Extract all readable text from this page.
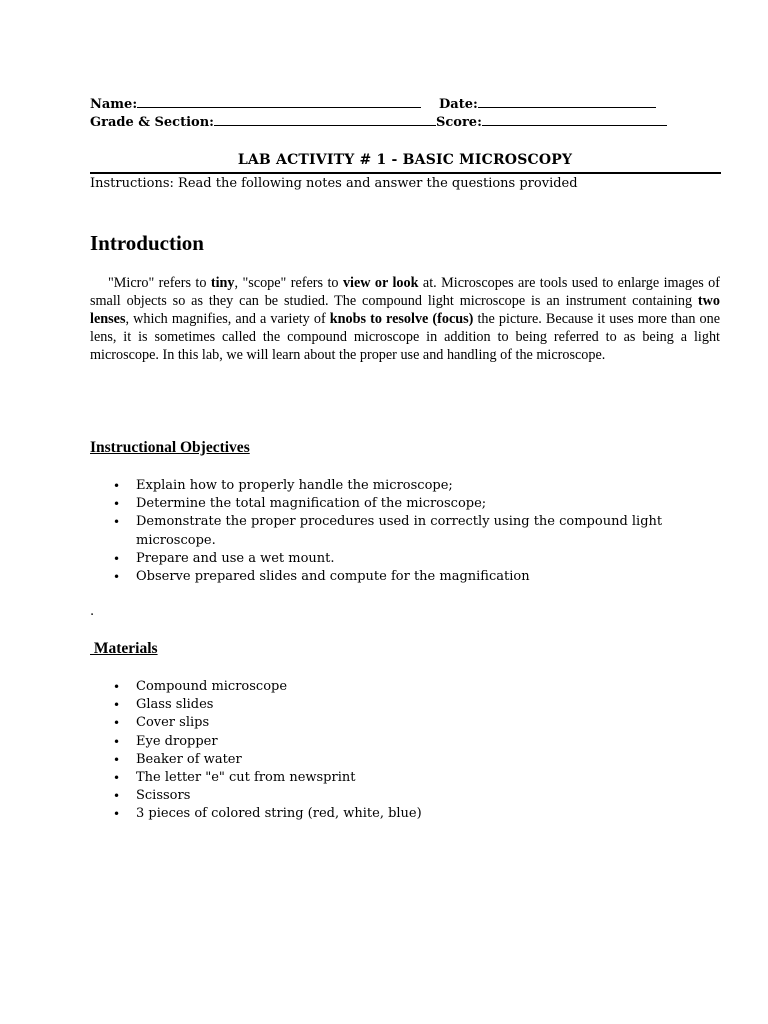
Name:	Date:
Grade & Section:	Score:
LAB ACTIVITY # 1 - BASIC MICROSCOPY
Instructions: Read the following notes and answer the questions provided
Introduction
"Micro" refers to tiny, "scope" refers to view or look at. Microscopes are tools used to enlarge images of small objects so as they can be studied. The compound light microscope is an instrument containing two lenses, which magnifies, and a variety of knobs to resolve (focus) the picture. Because it uses more than one lens, it is sometimes called the compound microscope in addition to being referred to as being a light microscope. In this lab, we will learn about the proper use and handling of the microscope.
Instructional Objectives
• Explain how to properly handle the microscope;
• Determine the total magnification of the microscope;
• Demonstrate the proper procedures used in correctly using the compound light microscope.
• Prepare and use a wet mount.
• Observe prepared slides and compute for the magnification
.
Materials
• Compound microscope
• Glass slides
• Cover slips
• Eye dropper
• Beaker of water
• The letter "e" cut from newsprint
• Scissors
• 3 pieces of colored string (red, white, blue)
